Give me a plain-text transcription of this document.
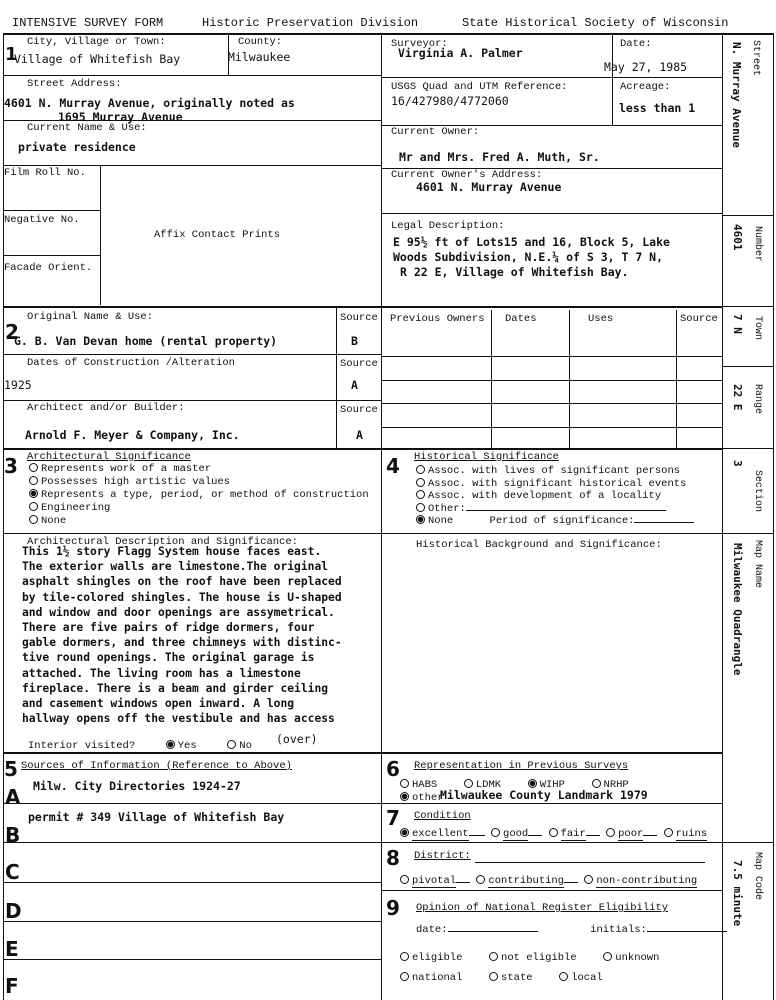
INTENSIVE SURVEY FORM	Historic Preservation Division	State Historical Society of Wisconsin
1
City, Village or Town:
Village of Whitefish Bay
County:
Milwaukee
Street Address:
4601 N. Murray Avenue, originally noted as
1695 Murray Avenue
Current Name & Use:
private residence
Film Roll No.
Negative No.
Facade Orient.
Affix Contact Prints
Surveyor:
Virginia A. Palmer
Date:
May 27, 1985
USGS Quad and UTM Reference:
16/427980/4772060
Acreage:
less than 1
Current Owner:
Mr and Mrs. Fred A. Muth, Sr.
Current Owner's Address:
4601 N. Murray Avenue
Legal Description:
E 95½ ft of Lots15 and 16, Block 5, Lake
Woods Subdivision, N.E.¼ of S 3, T 7 N,
R 22 E, Village of Whitefish Bay.
2
Original Name & Use:
G. B. Van Devan home (rental property)
Source
B
Dates of Construction /Alteration
1925
Source
A
Architect and/or Builder:
Arnold F. Meyer & Company, Inc.
Source
A
Previous Owners Dates	Uses	Source
3 Architectural Significance
Represents work of a master
Possesses high artistic values
Represents a type, period, or method of construction
Engineering
None
Architectural Description and Significance:
This 1½ story Flagg System house faces east.
The exterior walls are limestone.The original
asphalt shingles on the roof have been replaced
by tile-colored shingles. The house is U-shaped
and window and door openings are assymetrical.
There are five pairs of ridge dormers, four
gable dormers, and three chimneys with distinc-
tive round openings. The original garage is
attached. The living room has a limestone
fireplace. There is a beam and girder ceiling
and casement windows open inward. A long
hallway opens off the vestibule and has access
Interior visited?	Yes	No (over)
4 Historical Significance
Assoc. with lives of significant persons
Assoc. with significant historical events
Assoc. with development of a locality
Other:
None	Period of significance:
Historical Background and Significance:
5 Sources of Information (Reference to Above)
A Milw. City Directories 1924-27
B
permit # 349 Village of Whitefish Bay
C
D
E
F
6 Representation in Previous Surveys
HABS	LDMK	WIHP	NRHP
other
Milwaukee County Landmark 1979
7 Condition
excellent	good	fair	poor	ruins
8 District:
pivotal	contributing	non-contributing
9 Opinion of National Register Eligibility
date:	initials:
eligible	not eligible	unknown
national	state	local
Street
N. Murray Avenue
Number
4601
Town
7 N
Range
22 E
Section
3
Map Name
Milwaukee Quadrangle
Map Code
7.5 minute
